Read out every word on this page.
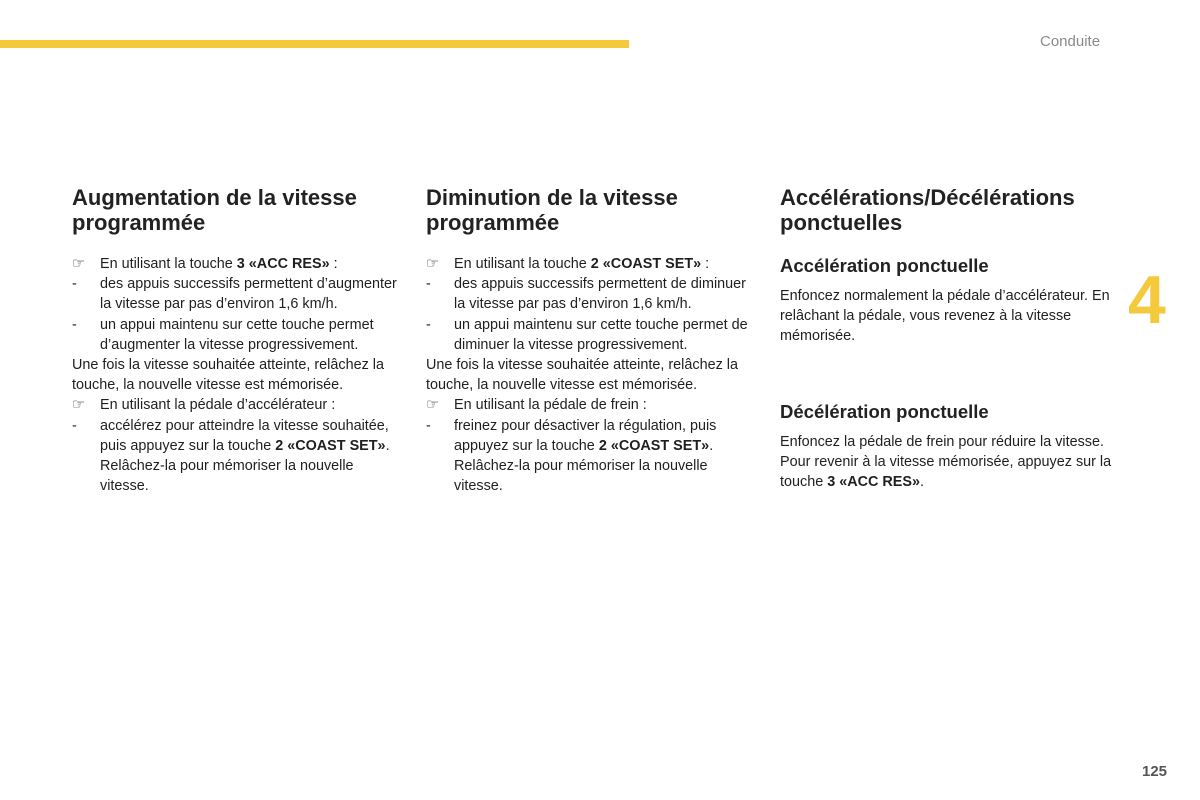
Conduite
4
125
Augmentation de la vitesse programmée
☞	En utilisant la touche 3 «ACC RES» :
-	des appuis successifs permettent d’augmenter la vitesse par pas d’environ 1,6 km/h.
-	un appui maintenu sur cette touche permet d’augmenter la vitesse progressivement.

Une fois la vitesse souhaitée atteinte, relâchez la touche, la nouvelle vitesse est mémorisée.

☞	En utilisant la pédale d’accélérateur :
-	accélérez pour atteindre la vitesse souhaitée, puis appuyez sur la touche 2 «COAST SET». Relâchez-la pour mémoriser la nouvelle vitesse.
Diminution de la vitesse programmée
☞	En utilisant la touche 2 «COAST SET» :
-	des appuis successifs permettent de diminuer la vitesse par pas d’environ 1,6 km/h.
-	un appui maintenu sur cette touche permet de diminuer la vitesse progressivement.

Une fois la vitesse souhaitée atteinte, relâchez la touche, la nouvelle vitesse est mémorisée.

☞	En utilisant la pédale de frein :
-	freinez pour désactiver la régulation, puis appuyez sur la touche 2 «COAST SET». Relâchez-la pour mémoriser la nouvelle vitesse.
Accélérations/Décélérations ponctuelles
Accélération ponctuelle

Enfoncez normalement la pédale d’accélérateur. En relâchant la pédale, vous revenez à la vitesse mémorisée.

Décélération ponctuelle

Enfoncez la pédale de frein pour réduire la vitesse. Pour revenir à la vitesse mémorisée, appuyez sur la touche 3 «ACC RES».
